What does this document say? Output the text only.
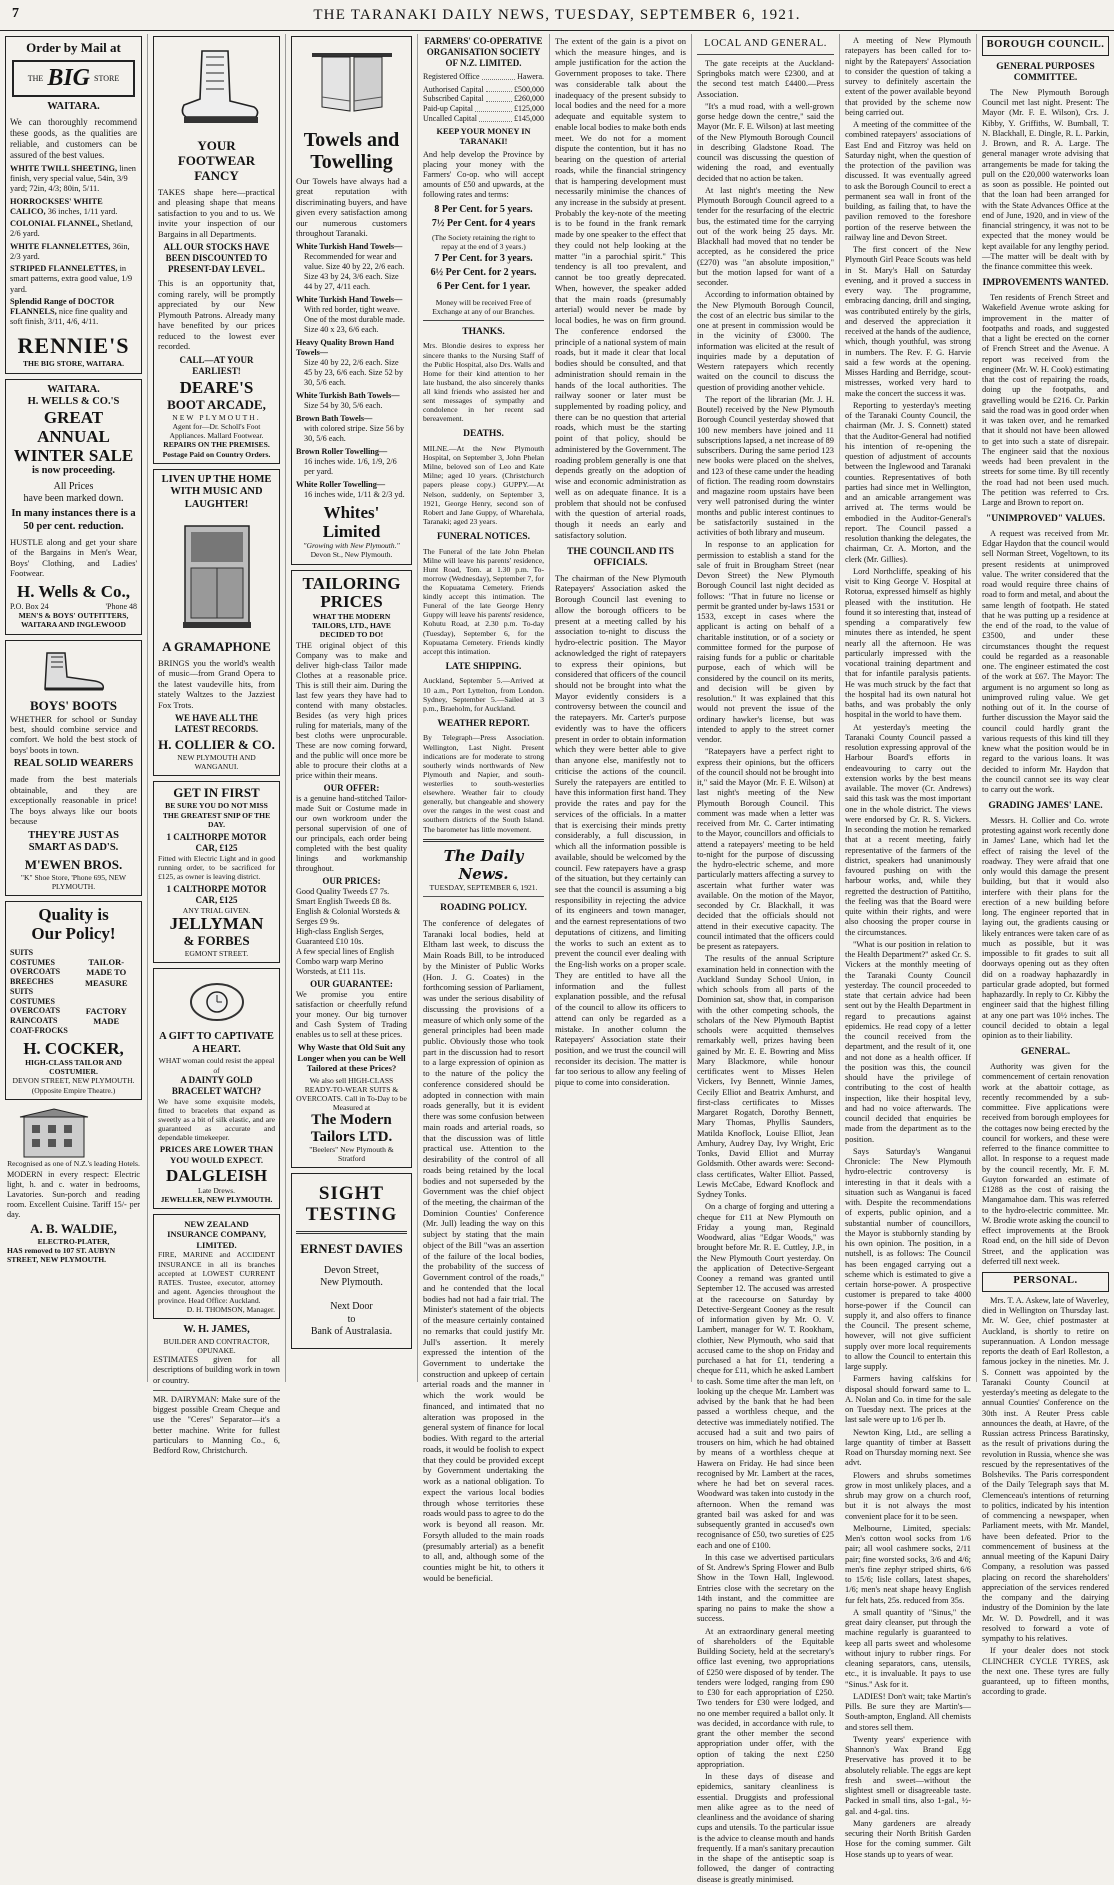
7	THE TARANAKI DAILY NEWS, TUESDAY, SEPTEMBER 6, 1921.
Order by Mail at
THE BIG STORE
WAITARA.
We can thoroughly recommend these goods, as the qualities are reliable, and customers can be assured of the best values.
WHITE TWILL SHEETING, linen finish, very special value, 54in, 3/9 yard; 72in, 4/3; 80in, 5/11.
HORROCKSES' WHITE CALICO, 36 inches, 1/11 yard.
COLONIAL FLANNEL, Shetland, 2/6 yard.
WHITE FLANNELETTES, 36in, 2/3 yard.
STRIPED FLANNELETTES, in smart patterns, extra good value, 1/9 yard.
Splendid Range of DOCTOR FLANNELS, nice fine quality and soft finish, 3/11, 4/6, 4/11.
RENNIE'S
THE BIG STORE, WAITARA.
WAITARA.
H. WELLS & CO.'S
GREAT ANNUAL
WINTER SALE
is now proceeding.
All Prices
have been marked down.
In many instances there is a 50 per cent. reduction.
HUSTLE along and get your share of the Bargains in Men's Wear, Boys' Clothing, and Ladies' Footwear.
H. Wells & Co.,
P.O. Box 24	'Phone 48
MEN'S & BOYS' OUTFITTERS,
WAITARA AND INGLEWOOD
BOYS' BOOTS
WHETHER for school or Sunday best, should combine service and comfort. We hold the best stock of boys' boots in town.
REAL SOLID WEARERS
made from the best materials obtainable, and they are exceptionally reasonable in price! The boys always like our boots because
THEY'RE JUST AS SMART AS DAD'S.
M'EWEN BROS.
"K" Shoe Store, 'Phone 695, NEW PLYMOUTH.
Quality is
Our Policy!
SUITS
COSTUMES
OVERCOATS
BREECHES
SUITS
COSTUMES
OVERCOATS
RAINCOATS
COAT-FROCKS
TAILOR-MADE TO MEASURE
FACTORY MADE
H. COCKER,
HIGH-CLASS TAILOR AND COSTUMIER.
DEVON STREET, NEW PLYMOUTH.
(Opposite Empire Theatre.)
Recognised as one of N.Z.'s leading Hotels.
MODERN in every respect: Electric light, h. and c. water in bedrooms, Lavatories. Sun-porch and reading room. Excellent Cuisine. Tariff 15/- per day.
A. B. WALDIE,
ELECTRO-PLATER,
HAS removed to 107 ST. AUBYN STREET, NEW PLYMOUTH.
YOUR
FOOTWEAR FANCY
TAKES shape here—practical and pleasing shape that means satisfaction to you and to us. We invite your inspection of our Bargains in all Departments.
ALL OUR STOCKS HAVE BEEN DISCOUNTED TO PRESENT-DAY LEVEL.
This is an opportunity that, coming rarely, will be promptly appreciated by our New Plymouth Patrons. Already many have benefited by our prices reduced to the lowest ever recorded.
CALL—AT YOUR EARLIEST!
DEARE'S
BOOT ARCADE,
NEW PLYMOUTH.
Agent for—Dr. Scholl's Foot Appliances. Mallard Footwear.
REPAIRS ON THE PREMISES. Postage Paid on Country Orders.
LIVEN UP THE HOME
WITH MUSIC AND
LAUGHTER!
A GRAMAPHONE
BRINGS you the world's wealth of music—from Grand Opera to the latest vaudeville hits, from stately Waltzes to the Jazziest Fox Trots.
WE HAVE ALL THE LATEST RECORDS.
H. COLLIER & CO.
NEW PLYMOUTH AND WANGANUI.
GET IN FIRST
BE SURE YOU DO NOT MISS THE GREATEST SNIP OF THE DAY.
1 CALTHORPE MOTOR CAR, £125
Fitted with Electric Light and in good running order, to be sacrificed for £125, as owner is leaving district.
1 CALTHORPE MOTOR CAR, £125
ANY TRIAL GIVEN.
JELLYMAN
& FORBES
EGMONT STREET.
A GIFT TO CAPTIVATE A HEART.
WHAT woman could resist the appeal of
A DAINTY GOLD BRACELET WATCH?
We have some exquisite models, fitted to bracelets that expand as sweetly as a bit of silk elastic, and are guaranteed as accurate and dependable timekeeper.
PRICES ARE LOWER THAN YOU WOULD EXPECT.
DALGLEISH
Late Drews.
JEWELLER, NEW PLYMOUTH.
NEW ZEALAND INSURANCE COMPANY, LIMITED.
FIRE, MARINE and ACCIDENT INSURANCE in all its branches accepted at LOWEST CURRENT RATES. Trustee, executor, attorney and agent. Agencies throughout the province. Head Office: Auckland.
D. H. THOMSON, Manager.
W. H. JAMES,
BUILDER AND CONTRACTOR,
OPUNAKE.
ESTIMATES given for all descriptions of building work in town or country.
MR. DAIRYMAN: Make sure of the biggest possible Cream Cheque and use the "Ceres" Separator—it's a better machine. Write for fullest particulars to Manning Co., 6, Bedford Row, Christchurch.
Towels and
Towelling
Our Towels have always had a great reputation with discriminating buyers, and have given every satisfaction among our numerous customers throughout Taranaki.
White Turkish Hand Towels—
Recommended for wear and value. Size 40 by 22, 2/6 each. Size 43 by 24, 3/6 each. Size 44 by 27, 4/11 each.
White Turkish Hand Towels—
With red border, tight weave. One of the most durable made. Size 40 x 23, 6/6 each.
Heavy Quality Brown Hand Towels—
Size 40 by 22, 2/6 each. Size 45 by 23, 6/6 each. Size 52 by 30, 5/6 each.
White Turkish Bath Towels—
Size 54 by 30, 5/6 each.
Brown Bath Towels—
with colored stripe. Size 56 by 30, 5/6 each.
Brown Roller Towelling—
16 inches wide. 1/6, 1/9, 2/6 per yard.
White Roller Towelling—
16 inches wide, 1/11 & 2/3 yd.
Whites' Limited
"Growing with New Plymouth."
Devon St., New Plymouth.
TAILORING
PRICES
WHAT THE MODERN TAILORS, LTD., HAVE DECIDED TO DO!
THE original object of this Company was to make and deliver high-class Tailor made Clothes at a reasonable price. This is still their aim. During the last few years they have had to contend with many obstacles. Besides (as very high prices ruling for materials, many of the best cloths were unprocurable. These are now coming forward, and the public will once more be able to procure their cloths at a price within their means.
OUR OFFER:
is a genuine hand-stitched Tailor-made Suit or Costume made in our own workroom under the personal supervision of one of our principals, each order being completed with the best quality linings and workmanship throughout.
OUR PRICES:
Good Quality Tweeds £7 7s.
Smart English Tweeds £8 8s.
English & Colonial Worsteds & Serges £9 9s.
High-class English Serges, Guaranteed £10 10s.
A few special lines of English Combo warp warp Merino Worsteds, at £11 11s.
OUR GUARANTEE:
We promise you entire satisfaction or cheerfully refund your money. Our big turnover and Cash System of Trading enables us to sell at these prices.
Why Waste that Old Suit any Longer when you can be Well Tailored at these Prices?
We also sell HIGH-CLASS READY-TO-WEAR SUITS & OVERCOATS. Call in To-Day to be Measured at
The Modern Tailors LTD.
"Beelers" New Plymouth & Stratford
SIGHT
TESTING
ERNEST DAVIES
Devon Street,
New Plymouth.
Next Door
to
Bank of Australasia.
FARMERS' CO-OPERATIVE ORGANISATION SOCIETY OF N.Z. LIMITED.
Registered Office	Hawera.
Authorised Capital	£500,000
Subscribed Capital	£260,000
Paid-up Capital	£125,000
Uncalled Capital	£145,000
KEEP YOUR MONEY IN TARANAKI!
And help develop the Province by placing your money with the Farmers' Co-op. who will accept amounts of £50 and upwards, at the following rates and terms:
8 Per Cent. for 5 years.
7½ Per Cent. for 4 years
(The Society retaining the right to repay at the end of 3 years.)
7 Per Cent. for 3 years.
6½ Per Cent. for 2 years.
6 Per Cent. for 1 year.
Money will be received Free of Exchange at any of our Branches.
THANKS.
Mrs. Blondie desires to express her sincere thanks to the Nursing Staff of the Public Hospital, also Drs. Walls and Home for their kind attention to her late husband, the also sincerely thanks all kind friends who assisted her and sent messages of sympathy and condolence in her recent sad bereavement.
DEATHS.
MILNE.—At the New Plymouth Hospital, on September 3, John Phelan Milne, beloved son of Leo and Kate Milne; aged 10 years. (Christchurch papers please copy.) GUPPY.—At Nelson, suddenly, on September 3, 1921, George Henry, second son of Robert and Jane Guppy, of Wharehala, Taranaki; aged 23 years.
FUNERAL NOTICES.
The Funeral of the late John Phelan Milne will leave his parents' residence, Hunt Road, Tom. at 1.30 p.m. To-morrow (Wednesday), September 7, for the Kopuatama Cemetery. Friends kindly accept this intimation. The Funeral of the late George Henry Guppy will leave his parents' residence, Kohutu Road, at 2.30 p.m. To-day (Tuesday), September 6, for the Kopuatama Cemetery. Friends kindly accept this intimation.
LATE SHIPPING.
Auckland, September 5.—Arrived at 10 a.m., Port Lyttelton, from London. Sydney, September 5.—Sailed at 3 p.m., Braeholm, for Auckland.
WEATHER REPORT.
By Telegraph—Press Association. Wellington, Last Night. Present indications are for moderate to strong southerly winds northwards of New Plymouth and Napier, and south-westerlies to south-westerlies elsewhere. Weather fair to cloudy generally, but changeable and showery over the ranges in the west coast and southern districts of the South Island. The barometer has little movement.
The Daily News.
TUESDAY, SEPTEMBER 6, 1921.
ROADING POLICY.
The conference of delegates of Taranaki local bodies, held at Eltham last week, to discuss the Main Roads Bill, to be introduced by the Minister of Public Works (Hon. J. G. Coates) in the forthcoming session of Parliament, was under the serious disability of discussing the provisions of a measure of which only some of the general principles had been made public. Obviously those who took part in the discussion had to resort to a large expression of opinion as to the nature of the policy the conference considered should be adopted in connection with main roads generally, but it is evident there was some confusion between main roads and arterial roads, so that the discussion was of little practical use. Attention to the desirability of the control of all roads being retained by the local bodies and not superseded by the Government was the chief object of the meeting, the chairman of the Dominion Counties' Conference (Mr. Jull) leading the way on this subject by stating that the main object of the Bill "was an assertion of the failure of the local bodies, the probability of the success of Government control of the roads," and he contended that the local bodies had not had a fair trial. The Minister's statement of the objects of the measure certainly contained no remarks that could justify Mr. Jull's assertion. It merely expressed the intention of the Government to undertake the construction and upkeep of certain arterial roads and the manner in which the work would be financed, and intimated that no alteration was proposed in the general system of finance for local bodies. With regard to the arterial roads, it would be foolish to expect that they could be provided except by Government undertaking the work as a national obligation. To expect the various local bodies through whose territories these roads would pass to agree to do the work is beyond all reason. Mr. Forsyth alluded to the main roads (presumably arterial) as a benefit to all, and, although some of the counties might be hit, to others it would be beneficial.
The extent of the gain is a pivot on which the measure hinges, and is ample justification for the action the Government proposes to take. There was considerable talk about the inadequacy of the present subsidy to local bodies and the need for a more adequate and equitable system to enable local bodies to make both ends meet. We do not for a moment dispute the contention, but it has no bearing on the question of arterial roads, while the financial stringency that is hampering development must necessarily minimise the chances of any increase in the subsidy at present. Probably the key-note of the meeting is to be found in the frank remark made by one speaker to the effect that they could not help looking at the matter "in a parochial spirit." This tendency is all too prevalent, and cannot be too greatly deprecated. When, however, the speaker added that the main roads (presumably arterial) would never be made by local bodies, he was on firm ground. The conference endorsed the principle of a national system of main roads, but it made it clear that local bodies should be consulted, and that administration should remain in the hands of the local authorities. The railway sooner or later must be supplemented by roading policy, and there can be no question that arterial roads, which must be the starting point of that policy, should be administered by the Government. The roading problem generally is one that depends greatly on the adoption of wise and economic administration as well as on adequate finance. It is a problem that should not be confused with the question of arterial roads, though it needs an early and satisfactory solution.
THE COUNCIL AND ITS OFFICIALS.
The chairman of the New Plymouth Ratepayers' Association asked the Borough Council last evening to allow the borough officers to be present at a meeting called by his association to-night to discuss the hydro-electric position. The Mayor acknowledged the right of ratepayers to express their opinions, but considered that officers of the council should not be brought into what the Mayor evidently considers is a controversy between the council and the ratepayers. Mr. Carter's purpose evidently was to have the officers present in order to obtain information which they were better able to give than anyone else, manifestly not to criticise the actions of the council. Surely the ratepayers are entitled to have this information first hand. They provide the rates and pay for the services of the officials. In a matter that is exercising their minds pretty considerably, a full discussion, in which all the information possible is available, should be welcomed by the council. Few ratepayers have a grasp of the situation, but they certainly can see that the council is assuming a big responsibility in rejecting the advice of its engineers and town manager, and the earnest representations of two deputations of citizens, and limiting the works to such an extent as to prevent the council ever dealing with the Eng-lish works on a proper scale. They are entitled to have all the information and the fullest explanation possible, and the refusal of the council to allow its officers to attend can only be regarded as a mistake. In another column the Ratepayers' Association state their position, and we trust the council will reconsider its decision. The matter is far too serious to allow any feeling of pique to come into consideration.
LOCAL AND GENERAL.

The gate receipts at the Auckland-Springboks match were £2300, and at the second test match £4400.—Press Association.

"It's a mud road, with a well-grown gorse hedge down the centre," said the Mayor (Mr. F. E. Wilson) at last meeting of the New Plymouth Borough Council in describing Gladstone Road. The council was discussing the question of widening the road, and eventually decided that no action be taken.

At last night's meeting the New Plymouth Borough Council agreed to a tender for the resurfacing of the electric bus, the estimated time for the carrying out of the work being 25 days. Mr. Blackhall had moved that no tender be accepted, as he considered the price (£270) was "an absolute imposition," but the motion lapsed for want of a seconder.

According to information obtained by the New Plymouth Borough Council, the cost of an electric bus similar to the one at present in commission would be in the vicinity of £3000. The information was elicited at the result of inquiries made by a deputation of Western ratepayers which recently waited on the council to discuss the question of providing another vehicle.

The report of the librarian (Mr. J. H. Boutel) received by the New Plymouth Borough Council yesterday showed that 100 new members have joined and 11 subscriptions lapsed, a net increase of 89 subscribers. During the same period 123 new books were placed on the shelves, and 123 of these came under the heading of fiction. The reading room downstairs and magazine room upstairs have been very well patronised during the winter months and public interest continues to be satisfactorily sustained in the activities of both library and museum.

In response to an application for permission to establish a stand for the sale of fruit in Brougham Street (near Devon Street) the New Plymouth Borough Council last night decided as follows: "That in future no license or permit be granted under by-laws 1531 or 1533, except in cases where the applicant is acting on behalf of a charitable institution, or of a society or committee formed for the purpose of raising funds for a public or charitable purpose, each of which will be considered by the council on its merits, and decision will be given by resolution." It was explained that this would not prevent the issue of the ordinary hawker's license, but was intended to apply to the street corner vendor.

"Ratepayers have a perfect right to express their opinions, but the officers of the council should not be brought into it," said the Mayor (Mr. F. E. Wilson) at last night's meeting of the New Plymouth Borough Council. This comment was made when a letter was received from Mr. C. Carter intimating to the Mayor, councillors and officials to attend a ratepayers' meeting to be held to-night for the purpose of discussing the hydro-electric scheme, and more particularly matters affecting a survey to ascertain what further water was available. On the motion of the Mayor, seconded by Cr. Blackhall, it was decided that the officials should not attend in their executive capacity. The council intimated that the officers could be present as ratepayers.

The results of the annual Scripture examination held in connection with the Auckland Sunday School Union, in which schools from all parts of the Dominion sat, show that, in comparison with the other competing schools, the scholars of the New Plymouth Baptist schools were acquitted themselves remarkably well, prizes having been gained by Mr. E. E. Bowring and Miss Mary Blackmore, while honour certificates went to Misses Helen Vickers, Ivy Bennett, Winnie James, Cecily Elliot and Beatrix Amhurst, and first-class certificates to Misses Margaret Rogatch, Dorothy Bennett, Mary Thomas, Phyllis Saunders, Matilda Knoflock, Louise Elliot, Jean Amhury, Audrey Day, Ivy Wright, Eric Tonks, David Elliot and Murray Goldsmith. Other awards were: Second-class certificates, Walter Elliot. Passed, Lewis McCabe, Edward Knoflock and Sydney Tonks.

On a charge of forging and uttering a cheque for £11 at New Plymouth on Friday a young man, Reginald Woodward, alias "Edgar Woods," was brought before Mr. R. E. Cuttley, J.P., in the New Plymouth Court yesterday. On the application of Detective-Sergeant Cooney a remand was granted until September 12. The accused was arrested at the racecourse on Saturday by Detective-Sergeant Cooney as the result of information given by Mr. O. V. Lambert, manager for W. T. Rookham, clothier, New Plymouth, who said that accused came to the shop on Friday and purchased a hat for £1, tendering a cheque for £11, which he asked Lambert to cash. Some time after the man left, on looking up the cheque Mr. Lambert was advised by the bank that he had been passed a worthless cheque, and the detective was immediately notified. The accused had a suit and two pairs of trousers on him, which he had obtained by means of a worthless cheque at Hawera on Friday. He had since been recognised by Mr. Lambert at the races, where he had bet on several races. Woodward was taken into custody in the afternoon. When the remand was granted bail was asked for and was subsequently granted in accused's own recognisance of £50, two sureties of £25 each and one of £100.

In this case we advertised particulars of St. Andrew's Spring Flower and Bulb Show in the Town Hall, Inglewood. Entries close with the secretary on the 14th instant, and the committee are sparing no pains to make the show a success.

At an extraordinary general meeting of shareholders of the Equitable Building Society, held at the secretary's office last evening, two appropriations of £250 were disposed of by tender. The tenders were lodged, ranging from £90 to £30 for each appropriation of £250. Two tenders for £30 were lodged, and no one member required a ballot only. It was decided, in accordance with rule, to grant the other member the second appropriation under offer, with the option of taking the next £250 appropriation.

In these days of disease and epidemics, sanitary cleanliness is essential. Druggists and professional men alike agree as to the need of cleanliness and the avoidance of sharing cups and utensils. To the particular issue is the advice to cleanse mouth and hands frequently. If a man's sanitary precaution in the shape of the antiseptic soap is followed, the danger of contracting disease is greatly minimised.

A meeting of New Plymouth ratepayers has been called for to-night by the Ratepayers' Association to consider the question of taking a survey to definitely ascertain the extent of the power available beyond that provided by the scheme now being carried out.

A meeting of the committee of the combined ratepayers' associations of East End and Fitzroy was held on Saturday night, when the question of the protection of the pavilion was discussed. It was eventually agreed to ask the Borough Council to erect a permanent sea wall in front of the building, as failing that, to have the pavilion removed to the foreshore portion of the reserve between the railway line and Devon Street.

The first concert of the New Plymouth Girl Peace Scouts was held in St. Mary's Hall on Saturday evening, and it proved a success in every way. The programme, embracing dancing, drill and singing, was contributed entirely by the girls, and deserved the appreciation it received at the hands of the audience, which, though youthful, was strong in numbers. The Rev. F. G. Harvie said a few words at the opening. Misses Harding and Berridge, scout-mistresses, worked very hard to make the concert the success it was.

Reporting to yesterday's meeting of the Taranaki County Council, the chairman (Mr. J. S. Connett) stated that the Auditor-General had notified his intention of re-opening the question of adjustment of accounts between the Inglewood and Taranaki counties. Representatives of both parties had since met in Wellington, and an amicable arrangement was arrived at. The terms would be embodied in the Auditor-General's report. The Council passed a resolution thanking the delegates, the chairman, Cr. A. Morton, and the clerk (Mr. Gillies).

Lord Northcliffe, speaking of his visit to King George V. Hospital at Rotorua, expressed himself as highly pleased with the institution. He found it so interesting that, instead of spending a comparatively few minutes there as intended, he spent nearly all the afternoon. He was particularly impressed with the vocational training department and that for infantile paralysis patients. He was much struck by the fact that the hospital had its own natural hot baths, and was probably the only hospital in the world to have them.

At yesterday's meeting the Taranaki County Council passed a resolution expressing approval of the Harbour Board's efforts in endeavouring to carry out the extension works by the best means available. The mover (Cr. Andrews) said this task was the most important one in the whole district. The views were endorsed by Cr. R. S. Vickers. In seconding the motion he remarked that at a recent meeting, fairly representative of the farmers of the district, speakers had unanimously favoured pushing on with the harbour works, and, while they regretted the destruction of Pattitiho, the feeling was that the Board were quite within their rights, and were also choosing the proper course in the circumstances.

"What is our position in relation to the Health Department?" asked Cr. S. Vickers at the monthly meeting of the Taranaki County Council yesterday. The council proceeded to state that certain advice had been sent out by the Health Department in regard to precautions against epidemics. He read copy of a letter the council received from the department, and the result of it, one and not done as a health officer. If the position was this, the council should have the privilege of contributing to the cost of health inspection, like their hospital levy, and had no voice afterwards. The council decided that enquiries be made from the department as to the position.

Says Saturday's Wanganui Chronicle: The New Plymouth hydro-electric controversy is interesting in that it deals with a situation such as Wanganui is faced with. Despite the recommendations of experts, public opinion, and a substantial number of councillors, the Mayor is stubbornly standing by his own opinion. The position, in a nutshell, is as follows: The Council has been engaged carrying out a scheme which is estimated to give a certain horse-power. A prospective customer is prepared to take 4000 horse-power if the Council can supply it, and also offers to finance the Council. The present scheme, however, will not give sufficient supply over more local requirements to allow the Council to entertain this large supply.

Farmers having calfskins for disposal should forward same to L. A. Nolan and Co. in time for the sale on Tuesday next. The prices at the last sale were up to 1/6 per lb.

Newton King, Ltd., are selling a large quantity of timber at Bassett Road on Thursday morning next. See advt.

Flowers and shrubs sometimes grow in most unlikely places, and a shrub may grow on a church roof, but it is not always the most convenient place for it to be seen.

Melbourne, Limited, specials: Men's cotton wool socks from 1/6 pair; all wool cashmere socks, 2/11 pair; fine worsted socks, 3/6 and 4/6; men's fine zephyr striped shirts, 6/6 to 15/6; lisle collars, latest shapes, 1/6; men's neat shape heavy English fur felt hats, 25s. reduced from 35s.

A small quantity of "Sinus," the great dairy cleanser, put through the machine regularly is guaranteed to keep all parts sweet and wholesome without injury to rubber rings. For cleaning separators, cans, utensils, etc., it is invaluable. It pays to use "Sinus." Ask for it.

LADIES! Don't wait; take Martin's Pills. Be sure they are Martin's—South-ampton, England. All chemists and stores sell them.

Twenty years' experience with Shannon's Wax Brand Egg Preservative has proved it to be absolutely reliable. The eggs are kept fresh and sweet—without the slightest smell or disagreeable taste. Packed in small tins, also 1-gal., ½-gal. and 4-gal. tins.

Many gardeners are already securing their North British Garden Hose for the coming summer. Gilt Hose stands up to years of wear.

BOROUGH COUNCIL.
GENERAL PURPOSES COMMITTEE.
The New Plymouth Borough Council met last night. Present: The Mayor (Mr. F. E. Wilson), Crs. J. Kibby, Y. Griffiths, W. Bumball, T. N. Blackhall, E. Dingle, R. L. Parkin, J. Brown, and R. A. Large. The general manager wrote advising that arrangements be made for taking the pull on the £20,000 waterworks loan as soon as possible. He pointed out that the loan had been arranged for with the State Advances Office at the end of June, 1920, and in view of the financial stringency, it was not to be expected that the money would be kept available for any lengthy period.—The matter will be dealt with by the finance committee this week.
IMPROVEMENTS WANTED.
Ten residents of French Street and Wakefield Avenue wrote asking for improvement in the matter of footpaths and roads, and suggested that a light be erected on the corner of French Street and the Avenue. A report was received from the engineer (Mr. W. H. Cook) estimating that the cost of repairing the roads, doing up the footpaths, and gravelling would be £216. Cr. Parkin said the road was in good order when it was taken over, and he remarked that it should not have been allowed to get into such a state of disrepair. The engineer said that the noxious weeds had been prevalent in the streets for some time. By till recently the road had not been used much. The petition was referred to Crs. Large and Brown to report on.
"UNIMPROVED" VALUES.
A request was received from Mr. Edgar Haydon that the council would sell Norman Street, Vogeltown, to its present residents at unimproved value. The writer considered that the road would require three chains of road to form and metal, and about the same length of footpath. He stated that he was putting up a residence at the end of the road, to the value of £3500, and under these circumstances thought the request could be regarded as a reasonable one. The engineer estimated the cost of the work at £67. The Mayor: The argument is no argument so long as unimproved ruling value. We get nothing out of it. In the course of further discussion the Mayor said the council could hardly grant the various requests of this kind till they knew what the position would be in regard to the various loans. It was decided to inform Mr. Haydon that the council cannot see its way clear to carry out the work.
GRADING JAMES' LANE.
Messrs. H. Collier and Co. wrote protesting against work recently done in James' Lane, which had let the effect of raising the level of the roadway. They were afraid that one only would this damage the present building, but that it would also interfere with their plans for the erection of a new building before long. The engineer reported that in laying out, the gradients causing or likely entrances were taken care of as much as possible, but it was impossible to fit grades to suit all doorways opening out as they often did on a roadway haphazardly in particular grade adopted, but formed haphazardly. In reply to Cr. Kibby the engineer said that the highest filling at any one part was 10½ inches. The council decided to obtain a legal opinion as to their liability.
GENERAL.
Authority was given for the commencement of certain renovation work at the abattoir cottage, as recently recommended by a sub-committee. Five applications were received from borough employees for the cottages now being erected by the council for workers, and these were referred to the finance committee to allot. In response to a request made by the council recently, Mr. F. M. Guyton forwarded an estimate of £1288 as the cost of raising the Mangamahoe dam. This was referred to the hydro-electric committee. Mr. W. Brodie wrote asking the council to effect improvements at the Brook Road end, on the hill side of Devon Street, and the application was deferred till next week.
PERSONAL.
Mrs. T. A. Askew, late of Waverley, died in Wellington on Thursday last. Mr. W. Gee, chief postmaster at Auckland, is shortly to retire on superannuation. A London message reports the death of Earl Rolleston, a famous jockey in the nineties. Mr. J. S. Connett was appointed by the Taranaki County Council at yesterday's meeting as delegate to the annual Counties' Conference on the 30th inst. A Reuter Press cable announces the death, at Havre, of the Russian actress Princess Baratinsky, as the result of privations during the revolution in Russia, whence she was rescued by the representatives of the Bolsheviks. The Paris correspondent of the Daily Telegraph says that M. Clemenceau's intentions of returning to politics, indicated by his intention of commencing a newspaper, when Parliament meets, with Mr. Mandel, have been defeated. Prior to the commencement of business at the annual meeting of the Kapuni Dairy Company, a resolution was passed placing on record the shareholders' appreciation of the services rendered the company and the dairying industry of the Dominion by the late Mr. W. D. Powdrell, and it was resolved to forward a vote of sympathy to his relatives.
If your dealer does not stock CLINCHER CYCLE TYRES, ask the next one. These tyres are fully guaranteed, up to fifteen months, according to grade.
